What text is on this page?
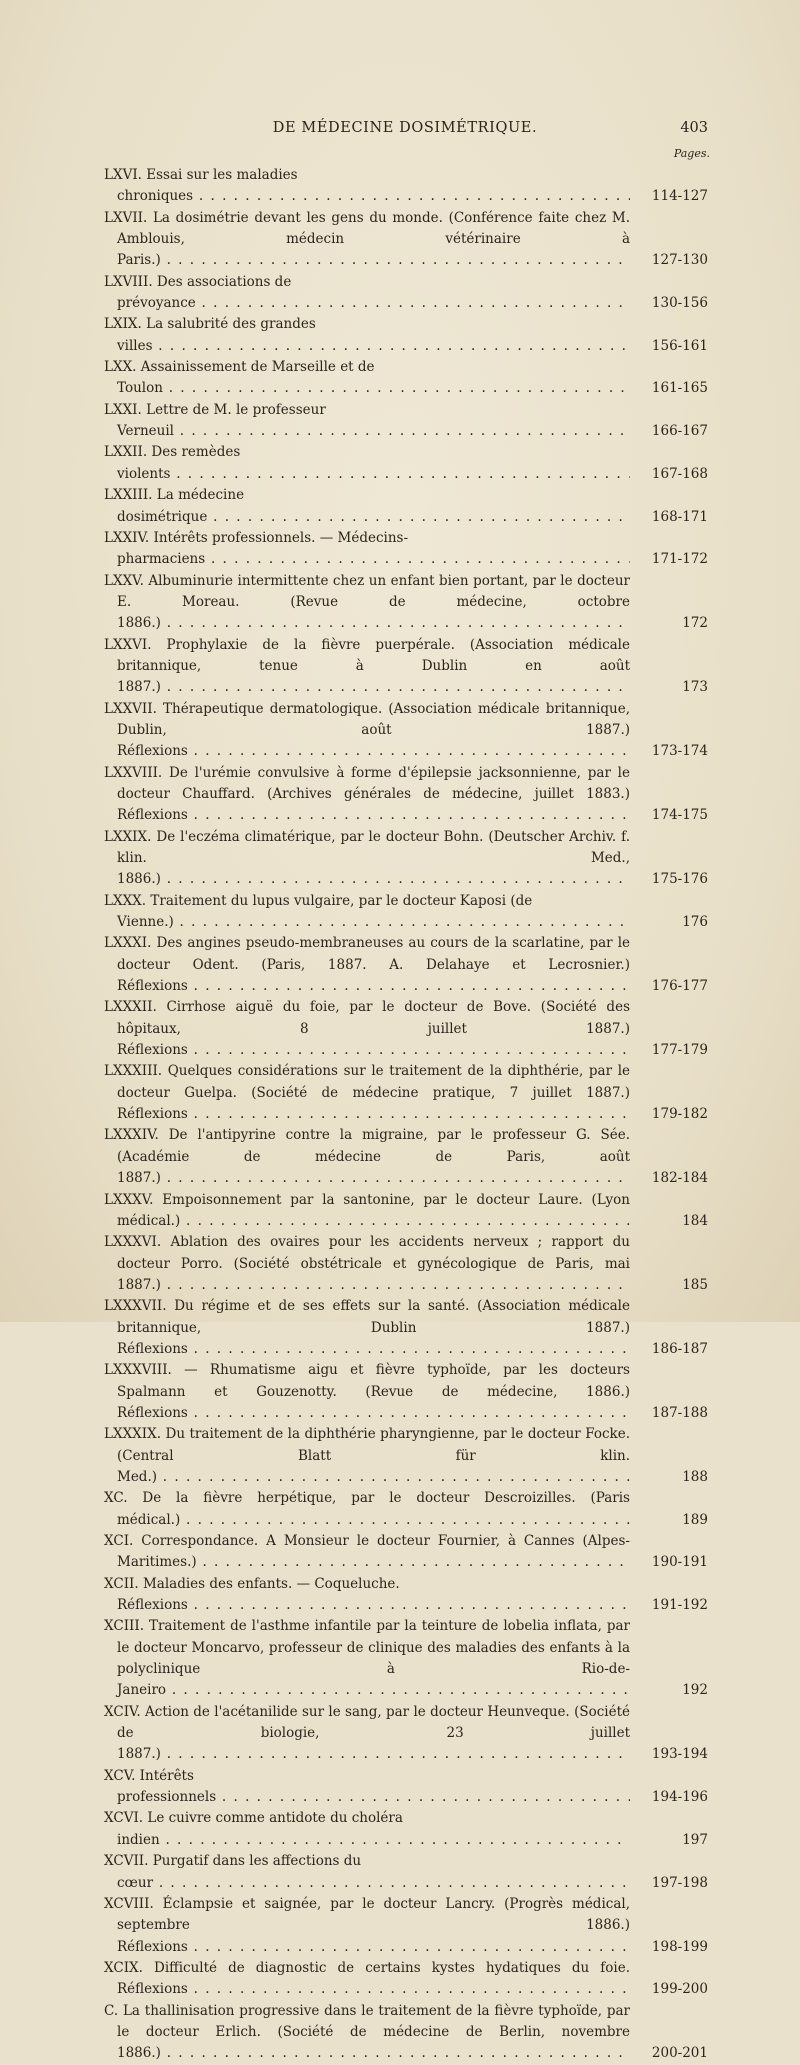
DE MÉDECINE DOSIMÉTRIQUE.	403
Pages.
LXVI. Essai sur les maladies chroniques . . .	114-127
LXVII. La dosimétrie devant les gens du monde. (Conférence faite chez M. Amblouis, médecin vétérinaire à Paris.) . . .	127-130
LXVIII. Des associations de prévoyance . . .	130-156
LXIX. La salubrité des grandes villes . . .	156-161
LXX. Assainissement de Marseille et de Toulon . . .	161-165
LXXI. Lettre de M. le professeur Verneuil . . .	166-167
LXXII. Des remèdes violents . . .	167-168
LXXIII. La médecine dosimétrique . . .	168-171
LXXIV. Intérêts professionnels. — Médecins-pharmaciens . . .	171-172
LXXV. Albuminurie intermittente chez un enfant bien portant, par le docteur E. Moreau. (Revue de médecine, octobre 1886.) . . .	172
LXXVI. Prophylaxie de la fièvre puerpérale. (Association médicale britannique, tenue à Dublin en août 1887.) . . .	173
LXXVII. Thérapeutique dermatologique. (Association médicale britannique, Dublin, août 1887.) Réflexions . . .	173-174
LXXVIII. De l'urémie convulsive à forme d'épilepsie jacksonnienne, par le docteur Chauffard. (Archives générales de médecine, juillet 1883.) Réflexions . . .	174-175
LXXIX. De l'eczéma climatérique, par le docteur Bohn. (Deutscher Archiv. f. klin. Med., 1886.) . . .	175-176
LXXX. Traitement du lupus vulgaire, par le docteur Kaposi (de Vienne.) . . .	176
LXXXI. Des angines pseudo-membraneuses au cours de la scarlatine, par le docteur Odent. (Paris, 1887. A. Delahaye et Lecrosnier.) Réflexions . . .	176-177
LXXXII. Cirrhose aiguë du foie, par le docteur de Bove. (Société des hôpitaux, 8 juillet 1887.) Réflexions . . .	177-179
LXXXIII. Quelques considérations sur le traitement de la diphthérie, par le docteur Guelpa. (Société de médecine pratique, 7 juillet 1887.) Réflexions . . .	179-182
LXXXIV. De l'antipyrine contre la migraine, par le professeur G. Sée. (Académie de médecine de Paris, août 1887.) . . .	182-184
LXXXV. Empoisonnement par la santonine, par le docteur Laure. (Lyon médical.) . . .	184
LXXXVI. Ablation des ovaires pour les accidents nerveux ; rapport du docteur Porro. (Société obstétricale et gynécologique de Paris, mai 1887.) . . .	185
LXXXVII. Du régime et de ses effets sur la santé. (Association médicale britannique, Dublin 1887.) Réflexions . . .	186-187
LXXXVIII. — Rhumatisme aigu et fièvre typhoïde, par les docteurs Spalmann et Gouzenotty. (Revue de médecine, 1886.) Réflexions . . .	187-188
LXXXIX. Du traitement de la diphthérie pharyngienne, par le docteur Focke. (Central Blatt für klin. Med.) . . .	188
XC. De la fièvre herpétique, par le docteur Descroizilles. (Paris médical.) . . .	189
XCI. Correspondance. A Monsieur le docteur Fournier, à Cannes (Alpes-Maritimes.) . . .	190-191
XCII. Maladies des enfants. — Coqueluche. Réflexions . . .	191-192
XCIII. Traitement de l'asthme infantile par la teinture de lobelia inflata, par le docteur Moncarvo, professeur de clinique des maladies des enfants à la polyclinique à Rio-de-Janeiro . . .	192
XCIV. Action de l'acétanilide sur le sang, par le docteur Heunveque. (Société de biologie, 23 juillet 1887.) . . .	193-194
XCV. Intérêts professionnels . . .	194-196
XCVI. Le cuivre comme antidote du choléra indien . . .	197
XCVII. Purgatif dans les affections du cœur . . .	197-198
XCVIII. Éclampsie et saignée, par le docteur Lancry. (Progrès médical, septembre 1886.) Réflexions . . .	198-199
XCIX. Difficulté de diagnostic de certains kystes hydatiques du foie. Réflexions . . .	199-200
C. La thallinisation progressive dans le traitement de la fièvre typhoïde, par le docteur Erlich. (Société de médecine de Berlin, novembre 1886.) . . .	200-201
